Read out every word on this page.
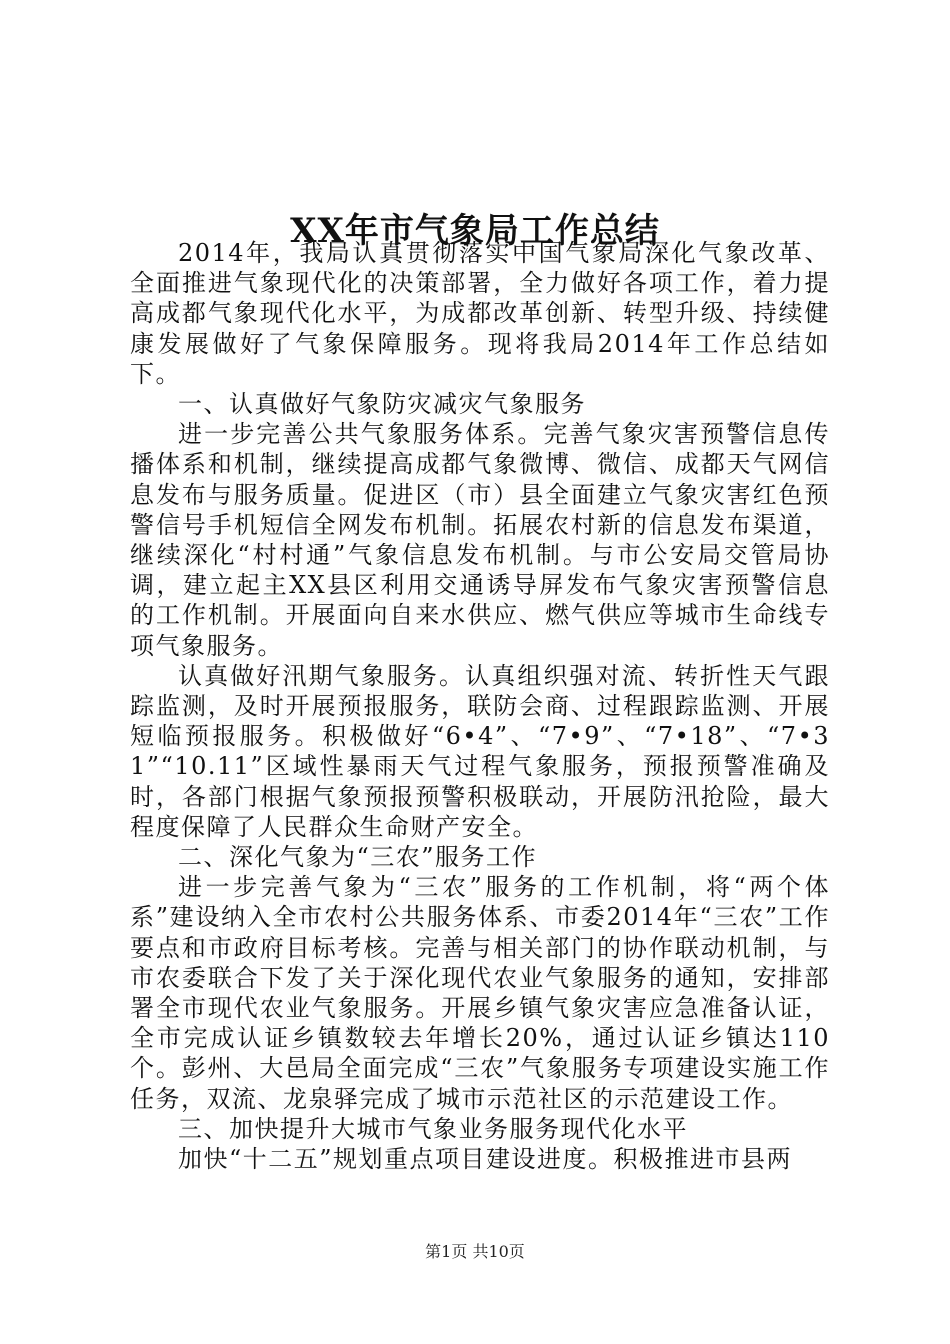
XX年市气象局工作总结

2014年，我局认真贯彻落实中国气象局深化气象改革、全面推进气象现代化的决策部署，全力做好各项工作，着力提高成都气象现代化水平，为成都改革创新、转型升级、持续健康发展做好了气象保障服务。现将我局2014年工作总结如下。

一、认真做好气象防灾减灾气象服务

进一步完善公共气象服务体系。完善气象灾害预警信息传播体系和机制，继续提高成都气象微博、微信、成都天气网信息发布与服务质量。促进区（市）县全面建立气象灾害红色预警信号手机短信全网发布机制。拓展农村新的信息发布渠道，继续深化“村村通”气象信息发布机制。与市公安局交管局协调，建立起主XX县区利用交通诱导屏发布气象灾害预警信息的工作机制。开展面向自来水供应、燃气供应等城市生命线专项气象服务。

认真做好汛期气象服务。认真组织强对流、转折性天气跟踪监测，及时开展预报服务，联防会商、过程跟踪监测、开展短临预报服务。积极做好“6•4”、“7•9”、“7•18”、“7•31”“10.11”区域性暴雨天气过程气象服务，预报预警准确及时，各部门根据气象预报预警积极联动，开展防汛抢险，最大程度保障了人民群众生命财产安全。

二、深化气象为“三农”服务工作

进一步完善气象为“三农”服务的工作机制，将“两个体系”建设纳入全市农村公共服务体系、市委2014年“三农”工作要点和市政府目标考核。完善与相关部门的协作联动机制，与市农委联合下发了关于深化现代农业气象服务的通知，安排部署全市现代农业气象服务。开展乡镇气象灾害应急准备认证，全市完成认证乡镇数较去年增长20%，通过认证乡镇达110个。彭州、大邑局全面完成“三农”气象服务专项建设实施工作任务，双流、龙泉驿完成了城市示范社区的示范建设工作。

三、加快提升大城市气象业务服务现代化水平

加快“十二五”规划重点项目建设进度。积极推进市县两

第1页 共10页
